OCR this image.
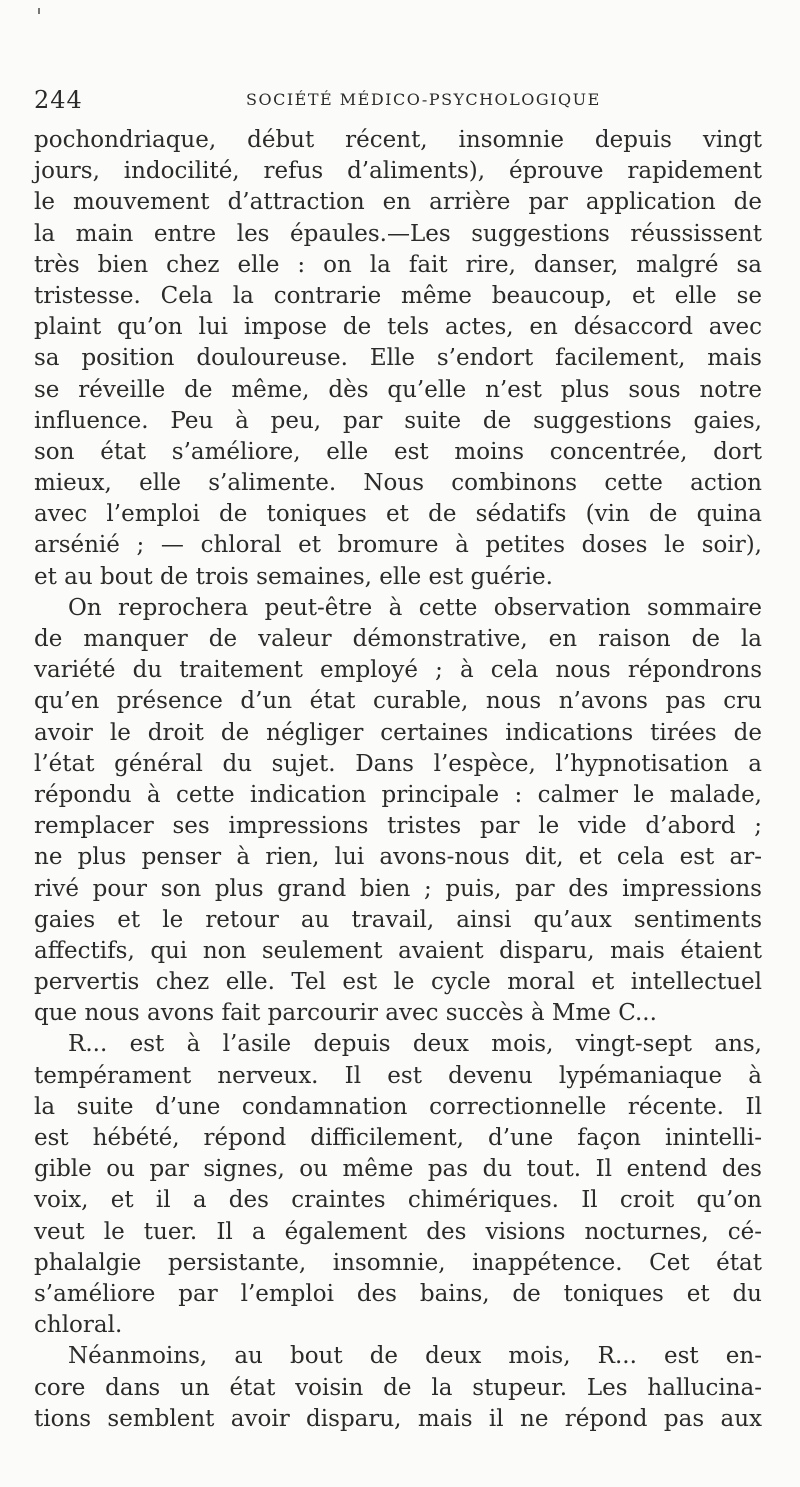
244	SOCIÉTÉ MÉDICO-PSYCHOLOGIQUE
pochondriaque, début récent, insomnie depuis vingt
jours, indocilité, refus d’aliments), éprouve rapidement
le mouvement d’attraction en arrière par application de
la main entre les épaules.—Les suggestions réussissent
très bien chez elle : on la fait rire, danser, malgré sa
tristesse. Cela la contrarie même beaucoup, et elle se
plaint qu’on lui impose de tels actes, en désaccord avec
sa position douloureuse. Elle s’endort facilement, mais
se réveille de même, dès qu’elle n’est plus sous notre
influence. Peu à peu, par suite de suggestions gaies,
son état s’améliore, elle est moins concentrée, dort
mieux, elle s’alimente. Nous combinons cette action
avec l’emploi de toniques et de sédatifs (vin de quina
arsénié ; — chloral et bromure à petites doses le soir),
et au bout de trois semaines, elle est guérie.
On reprochera peut-être à cette observation sommaire
de manquer de valeur démonstrative, en raison de la
variété du traitement employé ; à cela nous répondrons
qu’en présence d’un état curable, nous n’avons pas cru
avoir le droit de négliger certaines indications tirées de
l’état général du sujet. Dans l’espèce, l’hypnotisation a
répondu à cette indication principale : calmer le malade,
remplacer ses impressions tristes par le vide d’abord ;
ne plus penser à rien, lui avons-nous dit, et cela est ar-
rivé pour son plus grand bien ; puis, par des impressions
gaies et le retour au travail, ainsi qu’aux sentiments
affectifs, qui non seulement avaient disparu, mais étaient
pervertis chez elle. Tel est le cycle moral et intellectuel
que nous avons fait parcourir avec succès à Mme C...
R... est à l’asile depuis deux mois, vingt-sept ans,
tempérament nerveux. Il est devenu lypémaniaque à
la suite d’une condamnation correctionnelle récente. Il
est hébété, répond difficilement, d’une façon inintelli-
gible ou par signes, ou même pas du tout. Il entend des
voix, et il a des craintes chimériques. Il croit qu’on
veut le tuer. Il a également des visions nocturnes, cé-
phalalgie persistante, insomnie, inappétence. Cet état
s’améliore par l’emploi des bains, de toniques et du
chloral.
Néanmoins, au bout de deux mois, R... est en-
core dans un état voisin de la stupeur. Les hallucina-
tions semblent avoir disparu, mais il ne répond pas aux
